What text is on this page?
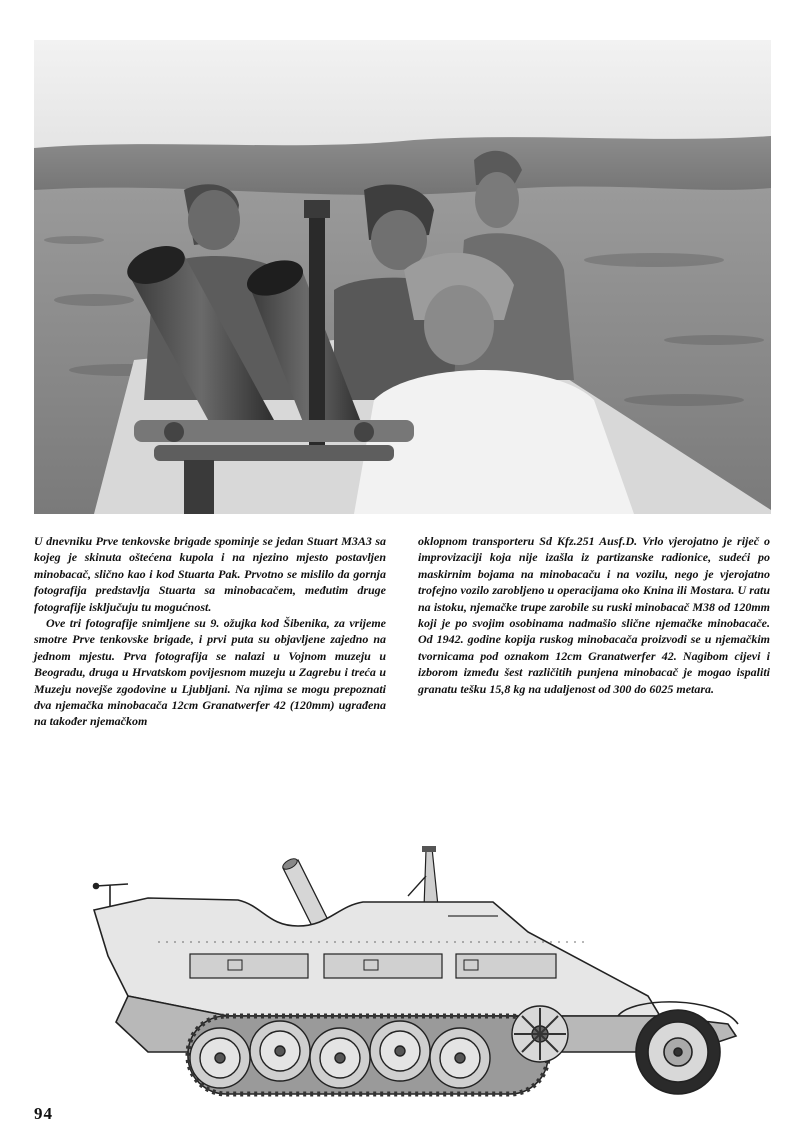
U dnevniku Prve tenkovske brigade spominje se jedan Stuart M3A3 sa kojeg je skinuta oštećena kupola i na njezino mjesto postavljen minobacač, slično kao i kod Stuarta Pak. Prvotno se mislilo da gornja fotografija predstavlja Stuarta sa minobacačem, međutim druge fotografije isključuju tu mogućnost.

Ove tri fotografije snimljene su 9. ožujka kod Šibenika, za vrijeme smotre Prve tenkovske brigade, i prvi puta su objavljene zajedno na jednom mjestu. Prva fotografija se nalazi u Vojnom muzeju u Beogradu, druga u Hrvatskom povijesnom muzeju u Zagrebu i treća u Muzeju novejše zgodovine u Ljubljani. Na njima se mogu prepoznati dva njemačka minobacača 12cm Granatwerfer 42 (120mm) ugrađena na također njemačkom

oklopnom transporteru Sd Kfz.251 Ausf.D. Vrlo vjerojatno je riječ o improvizaciji koja nije izašla iz partizanske radionice, sudeći po maskirnim bojama na minobacaču i na vozilu, nego je vjerojatno trofejno vozilo zarobljeno u operacijama oko Knina ili Mostara. U ratu na istoku, njemačke trupe zarobile su ruski minobacač M38 od 120mm koji je po svojim osobinama nadmašio slične njemačke minobacače. Od 1942. godine kopija ruskog minobacača proizvodi se u njemačkim tvornicama pod oznakom 12cm Granatwerfer 42. Nagibom cijevi i izborom između šest različitih punjena minobacač je mogao ispaliti granatu tešku 15,8 kg na udaljenost od 300 do 6025 metara.

94
